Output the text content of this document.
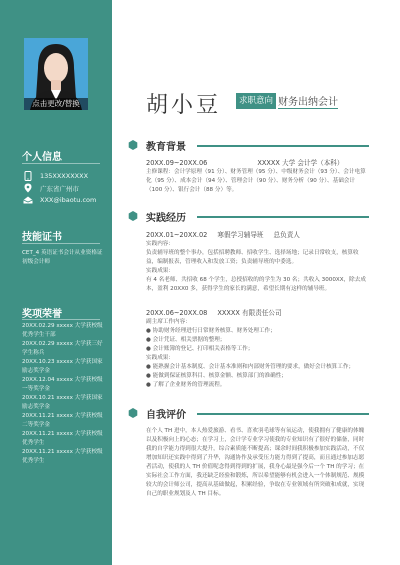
点击更改/替换
个人信息
135XXXXXXXX
广东省广州市
XXX@ibaotu.com
技能证书
CET_4 英语证书会计从业资格证初级会计师
奖项荣誉
20XX.02.29 xxxxx 大学获校级优秀学生干部
20XX.02.29 xxxxx 大学获三好学生称兵
20XX.10.23 xxxxx 大学获国家励志奖学金
20XX.12.04 xxxxx 大学获校级一等奖学金
20XX.10.21 xxxxx 大学获国家励志奖学金
20XX.11.21 xxxxx 大学获校级二等奖学金
20XX.11.21 xxxxx 大学获校级优秀学生
20XX.11.21 xxxxx 大学获校级优秀学生
胡小豆	求职意向 财务出纳会计
教育背景
20XX.09~20XX.06	XXXXX 大学 会计学（本科）
主修课程：会计学原理（91 分）、财务管理（95 分）、中级财务会计（93 分）、会计电算化（95 分）、成本会计（94 分）、管理会计（90 分）、财务分析（90 分）、基础会计（100 分）、银行会计（88 分）等。
实践经历
20XX.01~20XX.02 寒假学习辅导班 总负责人
实践内容：
负责辅导班的整个事办，包括招聘教师、招收学生、选择场地；记录日常收支，核算收益，编制报表，管理收入和发放工资；负责辅导班的中委选。
实践成果：
有 4 名老师、共招收 68 个学生，总授招收的的学生为 30 名；共收入 3000XX，除去成本，盈利 20XX0 多，获得学生的家长的满意，希望长期有这样的辅导班。
20XX.06~20XX.08 XXXXX 有限责任公司
副主席工作内容：
● 协助财务经理进行日常财务核算、财务处理工作；
● 会计凭证、相关票据的整理；
● 会计账簿的登记、打印相关表格等工作；
实践成果：
● 能熟握会计基本制度、会计基本准则和内部财务管理的要求，做好会计核算工作；
● 能做到保证核算科目、核算金额、核算部门的准确性；
● 了解了企业财务的管理流程。
自我评价
在个人 TH 进中，本人热爱旅游、看书、喜欢羽毛球等有氧运动，使我拥有了健康的体魄以及积极向上的心态；在学习上，会计学专业学习使我的专业知识有了很好的储备，同时我的自学能力得到很大提升，综合素质能不断提高；课余时间我积极参加实践活动，不仅增加知识还实践中得到了升华，沟通协作及承受压力能力得到了提高，而且通过参加志愿者活动，使我的人 TH 价值呢念得到得到的扩展，我身心最是强今后一个 TH 的学习；在实际社会工作方面，我还缺乏经验和锻炼，所以希望能够有机会进入一个体制规范、规模较大的会计师公司，提高从基础做起，积累经验，争取在专业领域有所突破和成就，实现自己的职业规划及人 TH 目标。
